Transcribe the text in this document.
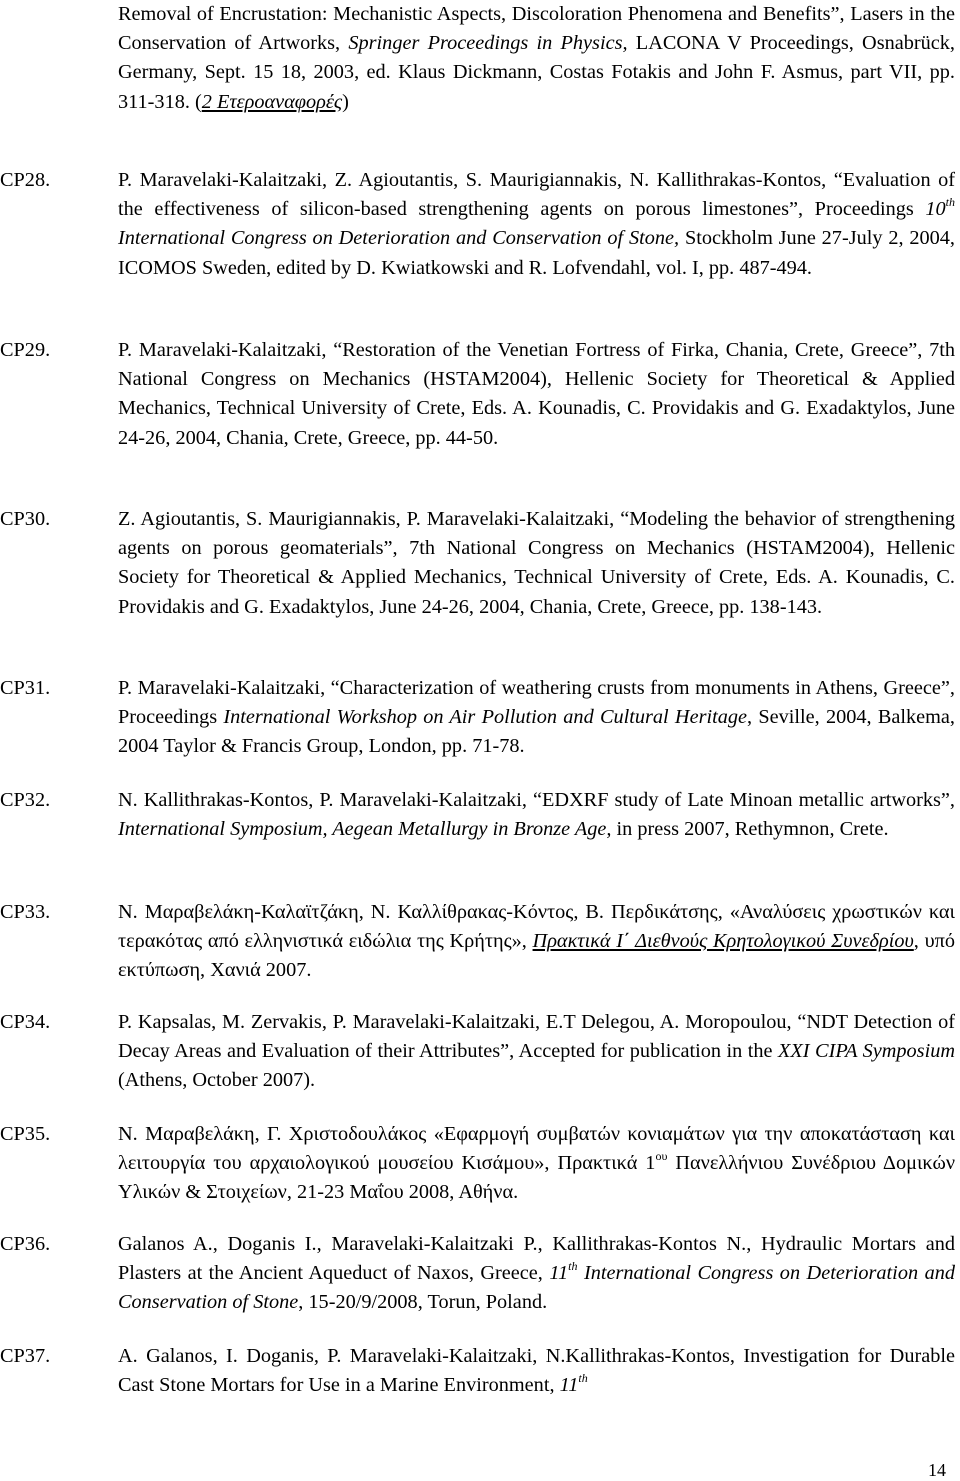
Removal of Encrustation: Mechanistic Aspects, Discoloration Phenomena and Benefits”, Lasers in the Conservation of Artworks, Springer Proceedings in Physics, LACONA V Proceedings, Osnabrück, Germany, Sept. 15 18, 2003, ed. Klaus Dickmann, Costas Fotakis and John F. Asmus, part VII, pp. 311-318. (2 Ετεροαναφορές)
CP28.	P. Maravelaki-Kalaitzaki, Z. Agioutantis, S. Maurigiannakis, N. Kallithrakas-Kontos, “Evaluation of the effectiveness of silicon-based strengthening agents on porous limestones”, Proceedings 10th International Congress on Deterioration and Conservation of Stone, Stockholm June 27-July 2, 2004, ICOMOS Sweden, edited by D. Kwiatkowski and R. Lofvendahl, vol. I, pp. 487-494.
CP29.	P. Maravelaki-Kalaitzaki, “Restoration of the Venetian Fortress of Firka, Chania, Crete, Greece”, 7th National Congress on Mechanics (HSTAM2004), Hellenic Society for Theoretical & Applied Mechanics, Technical University of Crete, Eds. A. Kounadis, C. Providakis and G. Exadaktylos, June 24-26, 2004, Chania, Crete, Greece, pp. 44-50.
CP30.	Z. Agioutantis, S. Maurigiannakis, P. Maravelaki-Kalaitzaki, “Modeling the behavior of strengthening agents on porous geomaterials”, 7th National Congress on Mechanics (HSTAM2004), Hellenic Society for Theoretical & Applied Mechanics, Technical University of Crete, Eds. A. Kounadis, C. Providakis and G. Exadaktylos, June 24-26, 2004, Chania, Crete, Greece, pp. 138-143.
CP31.	P. Maravelaki-Kalaitzaki, “Characterization of weathering crusts from monuments in Athens, Greece”, Proceedings International Workshop on Air Pollution and Cultural Heritage, Seville, 2004, Balkema, 2004 Taylor & Francis Group, London, pp. 71-78.
CP32.	N. Kallithrakas-Kontos, P. Maravelaki-Kalaitzaki, “EDXRF study of Late Minoan metallic artworks”, International Symposium, Aegean Metallurgy in Bronze Age, in press 2007, Rethymnon, Crete.
CP33.	Ν. Μαραβελάκη-Καλαϊτζάκη, Ν. Καλλίθρακας-Κόντος, Β. Περδικάτσης, «Αναλύσεις χρωστικών και τερακότας από ελληνιστικά ειδώλια της Κρήτης», Πρακτικά Ι΄ Διεθνούς Κρητολογικού Συνεδρίου, υπό εκτύπωση, Χανιά 2007.
CP34.	P. Kapsalas, M. Zervakis, P. Maravelaki-Kalaitzaki, E.T Delegou, A. Moropoulou, “NDT Detection of Decay Areas and Evaluation of their Attributes”, Accepted for publication in the XXI CIPA Symposium (Athens, October 2007).
CP35.	Ν. Μαραβελάκη, Γ. Χριστοδουλάκος «Εφαρμογή συμβατών κονιαμάτων για την αποκατάσταση και λειτουργία του αρχαιολογικού μουσείου Κισάμου», Πρακτικά $1^{o\upsilon}$ Πανελλήνιου Συνέδριου Δομικών Υλικών & Στοιχείων, 21-23 Μαΐου 2008, Αθήνα.
CP36.	Galanos A., Doganis I., Maravelaki-Kalaitzaki P., Kallithrakas-Kontos N., Hydraulic Mortars and Plasters at the Ancient Aqueduct of Naxos, Greece, 11th International Congress on Deterioration and Conservation of Stone, 15-20/9/2008, Torun, Poland.
CP37.	A. Galanos, I. Doganis, P. Maravelaki-Kalaitzaki, N.Kallithrakas-Kontos, Investigation for Durable Cast Stone Mortars for Use in a Marine Environment, 11th
14
